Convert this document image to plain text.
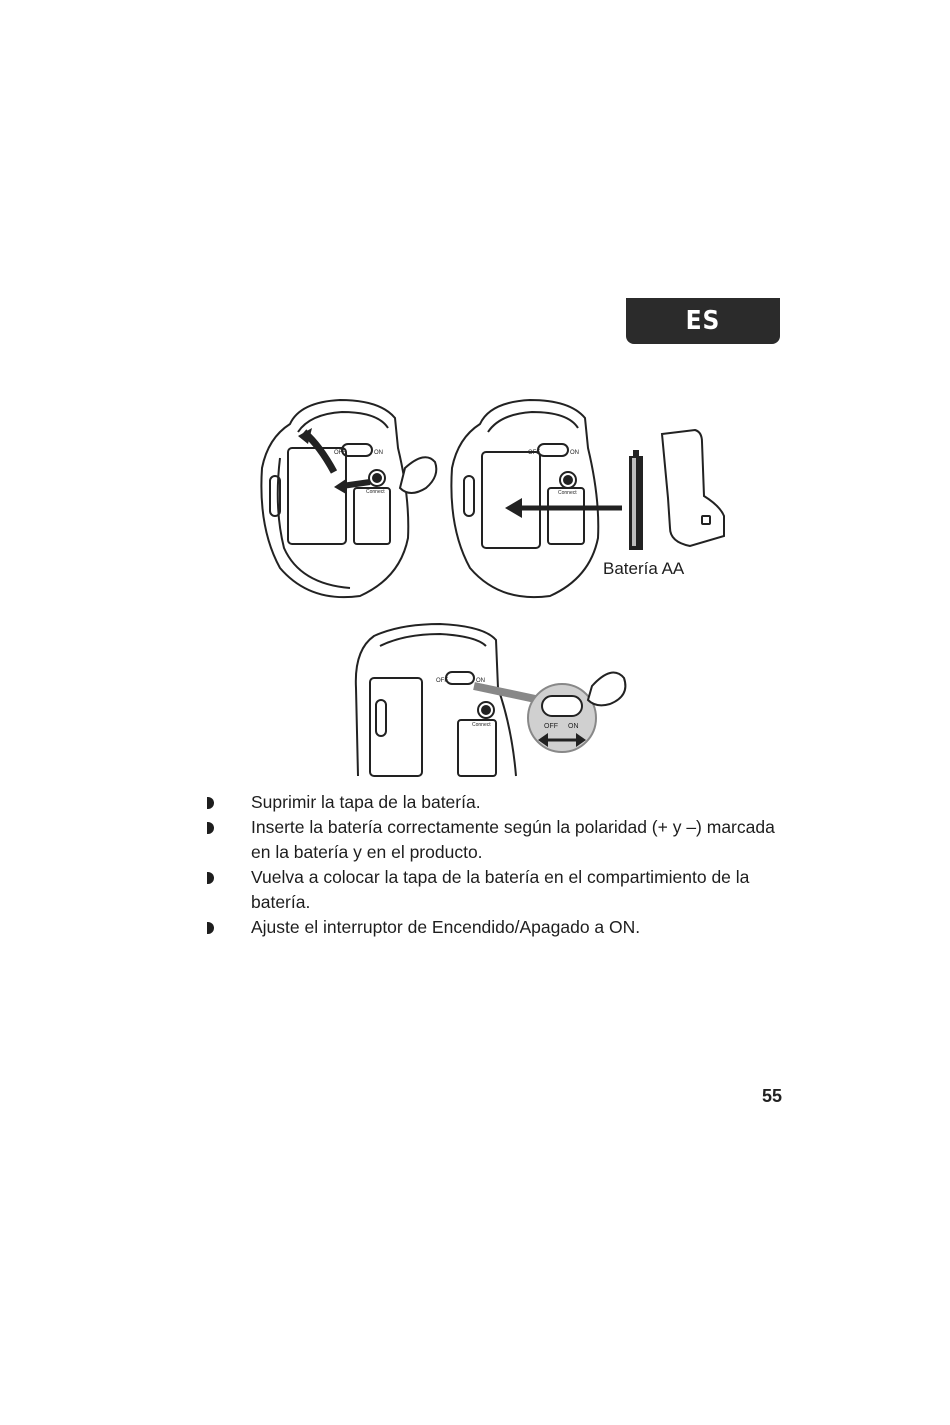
ES
OFF	ON
Connect
OFF	ON
Connect
Batería AA
OFF	ON
Connect	OFF ON
Suprimir la tapa de la batería.
Inserte la batería correctamente según la polaridad (+ y –) marcada en la batería y en el producto.
Vuelva a colocar la tapa de la batería en el compartimiento de la batería.
Ajuste el interruptor de Encendido/Apagado a ON.
55
